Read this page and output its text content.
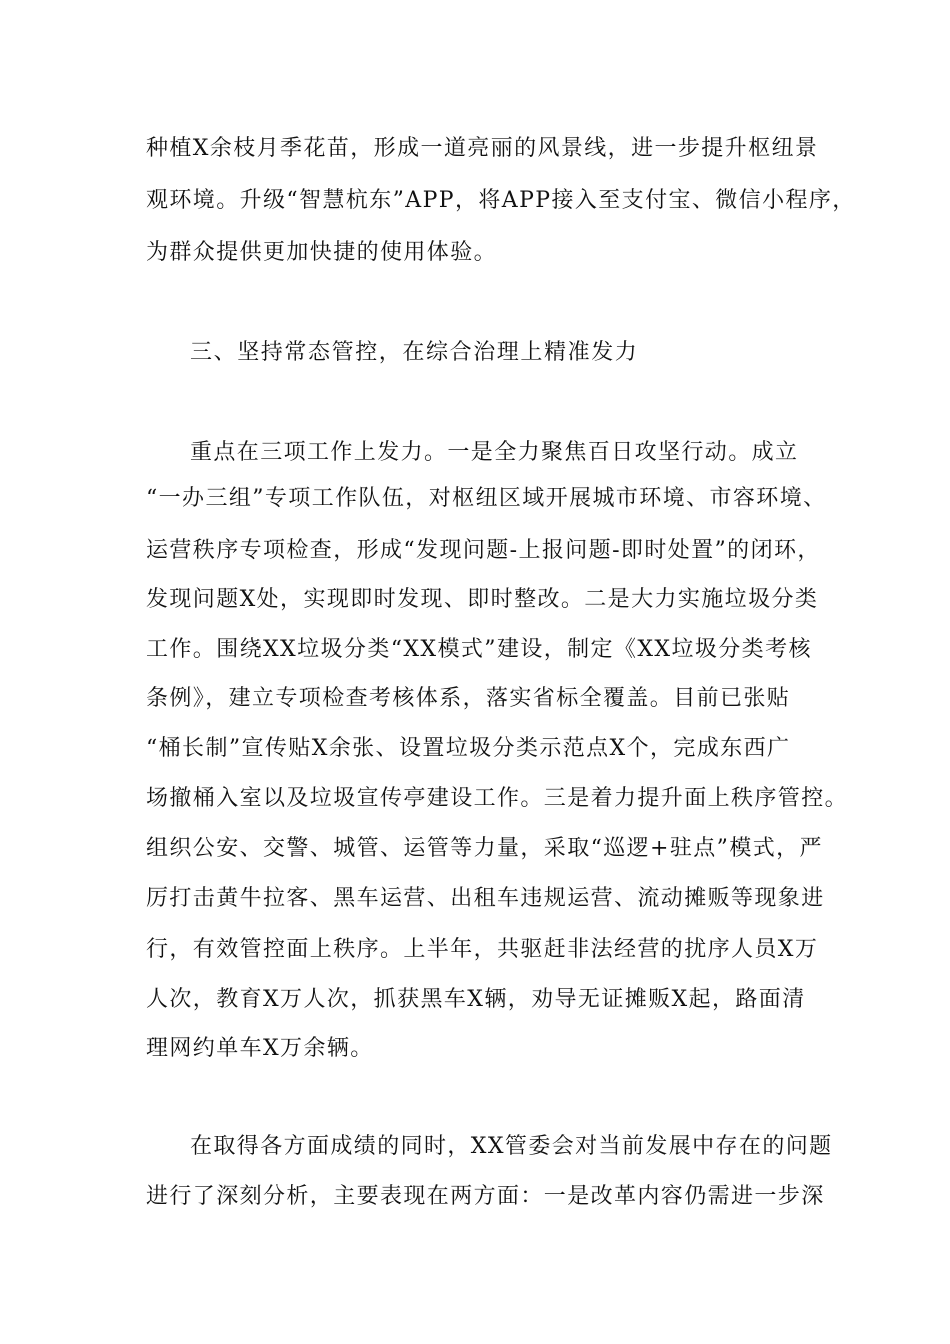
种植X余枝月季花苗，形成一道亮丽的风景线，进一步提升枢纽景
观环境。升级“智慧杭东”APP，将APP接入至支付宝、微信小程序，
为群众提供更加快捷的使用体验。
三、坚持常态管控，在综合治理上精准发力
重点在三项工作上发力。一是全力聚焦百日攻坚行动。成立
“一办三组”专项工作队伍，对枢纽区域开展城市环境、市容环境、
运营秩序专项检查，形成“发现问题-上报问题-即时处置”的闭环，
发现问题X处，实现即时发现、即时整改。二是大力实施垃圾分类
工作。围绕XX垃圾分类“XX模式”建设，制定《XX垃圾分类考核
条例》，建立专项检查考核体系，落实省标全覆盖。目前已张贴
“桶长制”宣传贴X余张、设置垃圾分类示范点X个，完成东西广
场撤桶入室以及垃圾宣传亭建设工作。三是着力提升面上秩序管控。
组织公安、交警、城管、运管等力量，采取“巡逻+驻点”模式，严
厉打击黄牛拉客、黑车运营、出租车违规运营、流动摊贩等现象进
行，有效管控面上秩序。上半年，共驱赶非法经营的扰序人员X万
人次，教育X万人次，抓获黑车X辆，劝导无证摊贩X起，路面清
理网约单车X万余辆。
在取得各方面成绩的同时，XX管委会对当前发展中存在的问题
进行了深刻分析，主要表现在两方面：一是改革内容仍需进一步深
